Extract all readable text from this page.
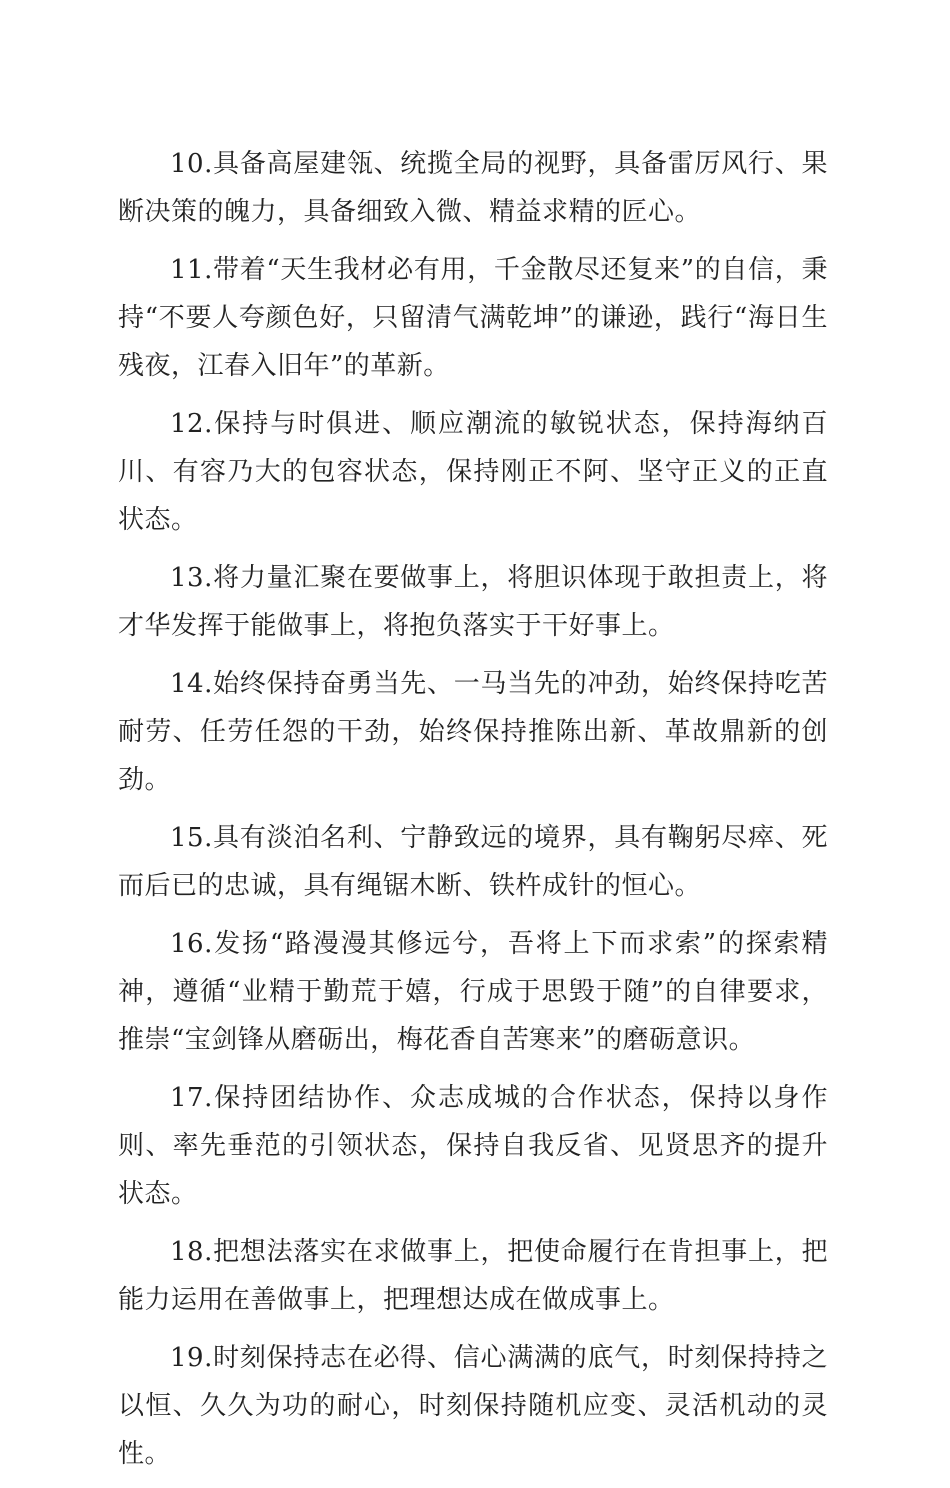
10.具备高屋建瓴、统揽全局的视野，具备雷厉风行、果断决策的魄力，具备细致入微、精益求精的匠心。

11.带着“天生我材必有用，千金散尽还复来”的自信，秉持“不要人夸颜色好，只留清气满乾坤”的谦逊，践行“海日生残夜，江春入旧年”的革新。

12.保持与时俱进、顺应潮流的敏锐状态，保持海纳百川、有容乃大的包容状态，保持刚正不阿、坚守正义的正直状态。

13.将力量汇聚在要做事上，将胆识体现于敢担责上，将才华发挥于能做事上，将抱负落实于干好事上。

14.始终保持奋勇当先、一马当先的冲劲，始终保持吃苦耐劳、任劳任怨的干劲，始终保持推陈出新、革故鼎新的创劲。

15.具有淡泊名利、宁静致远的境界，具有鞠躬尽瘁、死而后已的忠诚，具有绳锯木断、铁杵成针的恒心。

16.发扬“路漫漫其修远兮，吾将上下而求索”的探索精神，遵循“业精于勤荒于嬉，行成于思毁于随”的自律要求，推崇“宝剑锋从磨砺出，梅花香自苦寒来”的磨砺意识。

17.保持团结协作、众志成城的合作状态，保持以身作则、率先垂范的引领状态，保持自我反省、见贤思齐的提升状态。

18.把想法落实在求做事上，把使命履行在肯担事上，把能力运用在善做事上，把理想达成在做成事上。

19.时刻保持志在必得、信心满满的底气，时刻保持持之以恒、久久为功的耐心，时刻保持随机应变、灵活机动的灵性。
